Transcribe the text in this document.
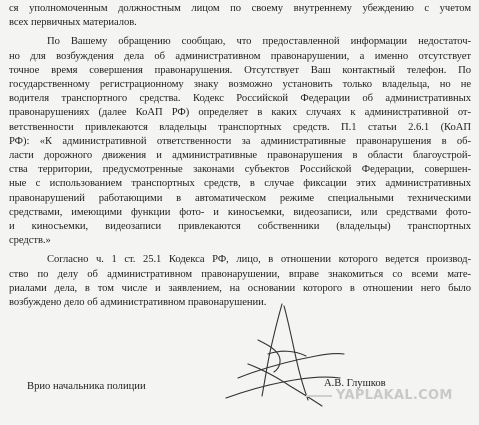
ся уполномоченным должностным лицом по своему внутреннему убеждению с учетом
всех первичных материалов.
По Вашему обращению сообщаю, что предоставленной информации недостаточ-
но для возбуждения дела об административном правонарушении, а именно отсутствует
точное время совершения правонарушения. Отсутствует Ваш контактный телефон. По
государственному регистрационному знаку возможно установить только владельца, но не
водителя транспортного средства. Кодекс Российской Федерации об административных
правонарушениях (далее КоАП РФ) определяет в каких случаях к административной от-
ветственности привлекаются владельцы транспортных средств. П.1 статьи 2.6.1 (КоАП
РФ): «К административной ответственности за административные правонарушения в об-
ласти дорожного движения и административные правонарушения в области благоустрой-
ства территории, предусмотренные законами субъектов Российской Федерации, совершен-
ные с использованием транспортных средств, в случае фиксации этих административных
правонарушений работающими в автоматическом режиме специальными техническими
средствами, имеющими функции фото- и киносъемки, видеозаписи, или средствами фото-
и киносъемки, видеозаписи привлекаются собственники (владельцы) транспортных
средств.»
Согласно ч. 1 ст. 25.1 Кодекса РФ, лицо, в отношении которого ведется производ-
ство по делу об административном правонарушении, вправе знакомиться со всеми мате-
риалами дела, в том числе и заявлением, на основании которого в отношении него было
возбуждено дело об административном правонарушении.
Врио начальника полиции	А.В. Глушков
YAPLAKAL.COM
